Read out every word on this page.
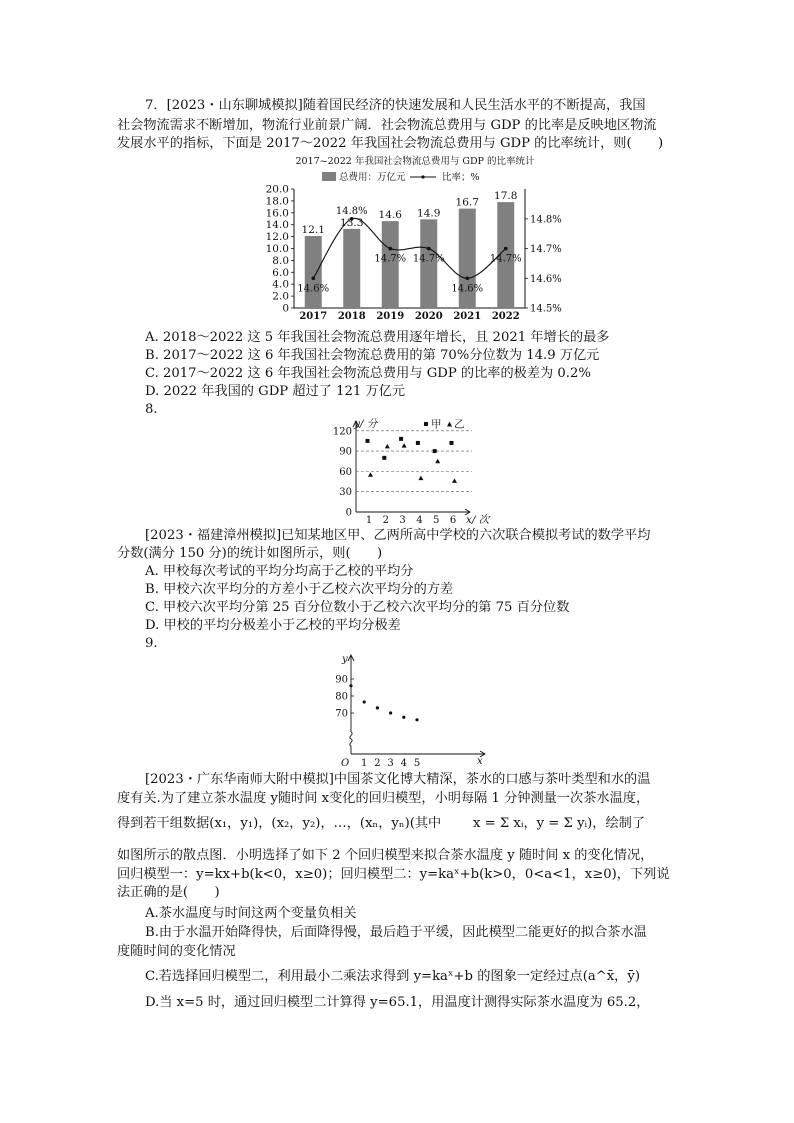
7．[2023・山东聊城模拟]随着国民经济的快速发展和人民生活水平的不断提高，我国
社会物流需求不断增加，物流行业前景广阔．社会物流总费用与 GDP 的比率是反映地区物流
发展水平的指标，下面是 2017～2022 年我国社会物流总费用与 GDP 的比率统计，则(　　)
2017~2022 年我国社会物流总费用与 GDP 的比率统计
总费用：万亿元	比率；%
20.0
18.0
16.0
14.0
12.0
10.0
8.0
6.0
4.0
2.0
0
14.8%
14.7%
14.6%
14.5%
12.1
2017
13.3
2018
14.6
2019
14.9
2020
16.7
2021
17.8
2022
14.6%
14.8%
14.7% 14.7%
14.6%
14.7%
A. 2018～2022 这 5 年我国社会物流总费用逐年增长，且 2021 年增长的最多
B. 2017～2022 这 6 年我国社会物流总费用的第 70%分位数为 14.9 万亿元
C. 2017～2022 这 6 年我国社会物流总费用与 GDP 的比率的极差为 0.2%
D. 2022 年我国的 GDP 超过了 121 万亿元
8.
y/ 分
x/ 次
120
90
60
30
0
1 2 3 4 5 6
甲 乙
[2023・福建漳州模拟]已知某地区甲、乙两所高中学校的六次联合模拟考试的数学平均
分数(满分 150 分)的统计如图所示，则(　　)
A. 甲校每次考试的平均分均高于乙校的平均分
B. 甲校六次平均分的方差小于乙校六次平均分的方差
C. 甲校六次平均分第 25 百分位数小于乙校六次平均分的第 75 百分位数
D. 甲校的平均分极差小于乙校的平均分极差
9.
y
x
O
90
80
70
1 2 3 4 5
[2023・广东华南师大附中模拟]中国茶文化博大精深，茶水的口感与茶叶类型和水的温
度有关.为了建立茶水温度 y随时间 x变化的回归模型，小明每隔 1 分钟测量一次茶水温度，
得到若干组数据(x₁，y₁)，(x₂，y₂)，…，(xₙ，yₙ)(其中 x = Σ xᵢ，y = Σ yᵢ)，绘制了
如图所示的散点图．小明选择了如下 2 个回归模型来拟合茶水温度 y 随时间 x 的变化情况，
回归模型一：y=kx+b(k<0，x≥0)；回归模型二：y=kaˣ+b(k>0，0<a<1，x≥0)，下列说
法正确的是(　　)
A.茶水温度与时间这两个变量负相关
B.由于水温开始降得快，后面降得慢，最后趋于平缓，因此模型二能更好的拟合茶水温
度随时间的变化情况
C.若选择回归模型二，利用最小二乘法求得到 y=kaˣ+b 的图象一定经过点(a^x̄，ȳ)
D.当 x=5 时，通过回归模型二计算得 y=65.1，用温度计测得实际茶水温度为 65.2，
